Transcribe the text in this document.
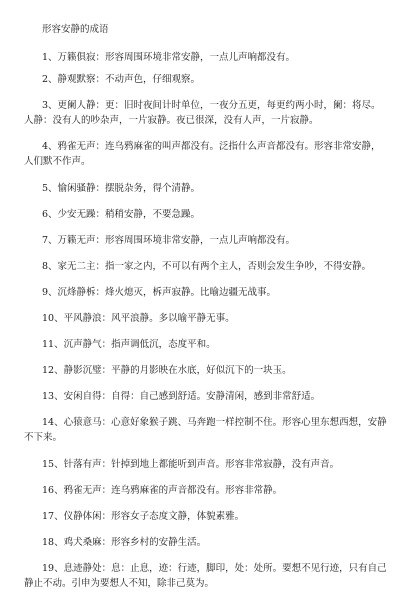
形容安静的成语

1、万籁俱寂：形容周围环境非常安静，一点儿声响都没有。

2、静观默察：不动声色，仔细观察。

3、更阑人静：更：旧时夜间计时单位，一夜分五更，每更约两小时，阑：将尽。人静：没有人的吵杂声，一片寂静。夜已很深，没有人声，一片寂静。

4、鸦雀无声：连乌鸦麻雀的叫声都没有。泛指什么声音都没有。形容非常安静，人们默不作声。

5、愉闲骚静：摆脱杂务，得个清静。

6、少安无躁：稍稍安静，不要急躁。

7、万籁无声：形容周围环境非常安静，一点儿声响都没有。

8、家无二主：指一家之内，不可以有两个主人，否则会发生争吵，不得安静。

9、沉烽静柝：烽火熄灭，柝声寂静。比喻边疆无战事。

10、平风静浪：风平浪静。多以喻平静无事。

11、沉声静气：指声调低沉，态度平和。

12、静影沉璧：平静的月影映在水底，好似沉下的一块玉。

13、安闲自得：自得：自己感到舒适。安静清闲，感到非常舒适。

14、心猿意马：心意好象猴子跳、马奔跑一样控制不住。形容心里东想西想，安静不下来。

15、针落有声：针掉到地上都能听到声音。形容非常寂静，没有声音。

16、鸦雀无声：连乌鸦麻雀的声音都没有。形容非常静。

17、仪静体闲：形容女子态度文静，体貌素雅。

18、鸡犬桑麻：形容乡村的安静生活。

19、息迹静处：息：止息，迹：行迹，脚印，处：处所。要想不见行迹，只有自己静止不动。引申为要想人不知，除非己莫为。
